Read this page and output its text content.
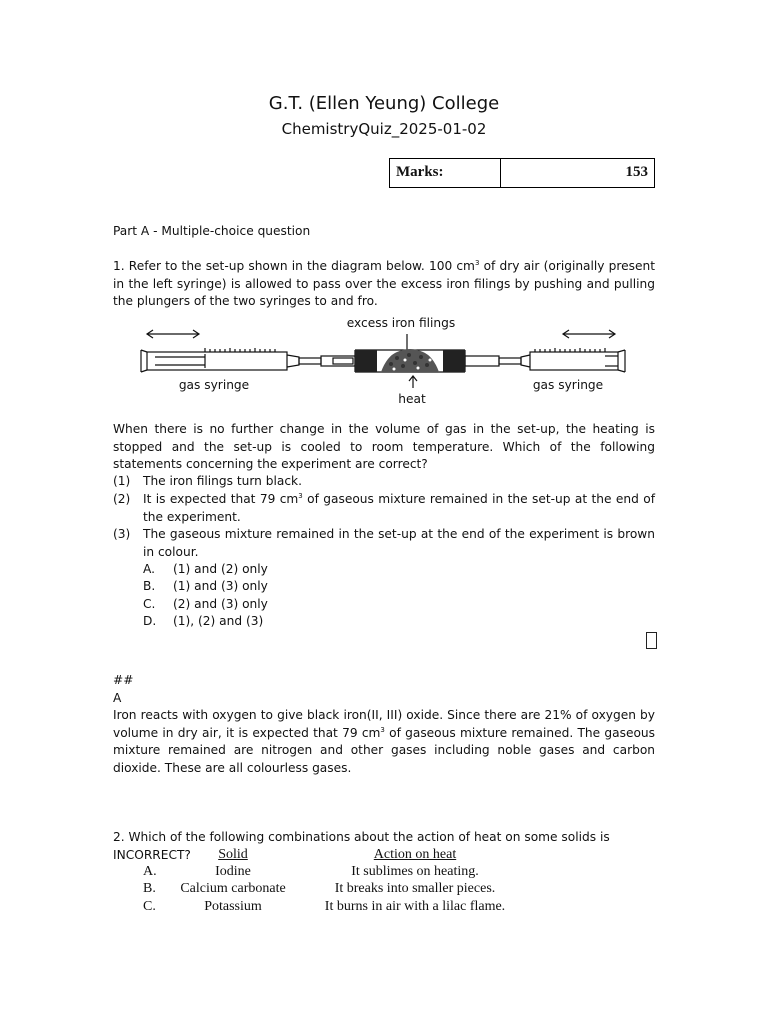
G.T. (Ellen Yeung) College
ChemistryQuiz_2025-01-02
Marks:	153
Part A - Multiple-choice question
1. Refer to the set-up shown in the diagram below. 100 $cm^3$ of dry air (originally present in the left syringe) is allowed to pass over the excess iron filings by pushing and pulling the plungers of the two syringes to and fro.
excess iron filings
gas syringe	gas syringe
heat
When there is no further change in the volume of gas in the set-up, the heating is stopped and the set-up is cooled to room temperature. Which of the following statements concerning the experiment are correct?
(1)	The iron filings turn black.
(2)	It is expected that 79 $cm^3$ of gaseous mixture remained in the set-up at the end of the experiment.
(3)	The gaseous mixture remained in the set-up at the end of the experiment is brown in colour.
A.	(1) and (2) only
B.	(1) and (3) only
C.	(2) and (3) only
D.	(1), (2) and (3)
##
A
Iron reacts with oxygen to give black iron(II, III) oxide. Since there are 21% of oxygen by volume in dry air, it is expected that 79 $cm^3$ of gaseous mixture remained. The gaseous mixture remained are nitrogen and other gases including noble gases and carbon dioxide. These are all colourless gases.
2. Which of the following combinations about the action of heat on some solids is INCORRECT?	Solid	Action on heat
A.	Iodine	It sublimes on heating.
B.	Calcium carbonate	It breaks into smaller pieces.
C.	Potassium	It burns in air with a lilac flame.
